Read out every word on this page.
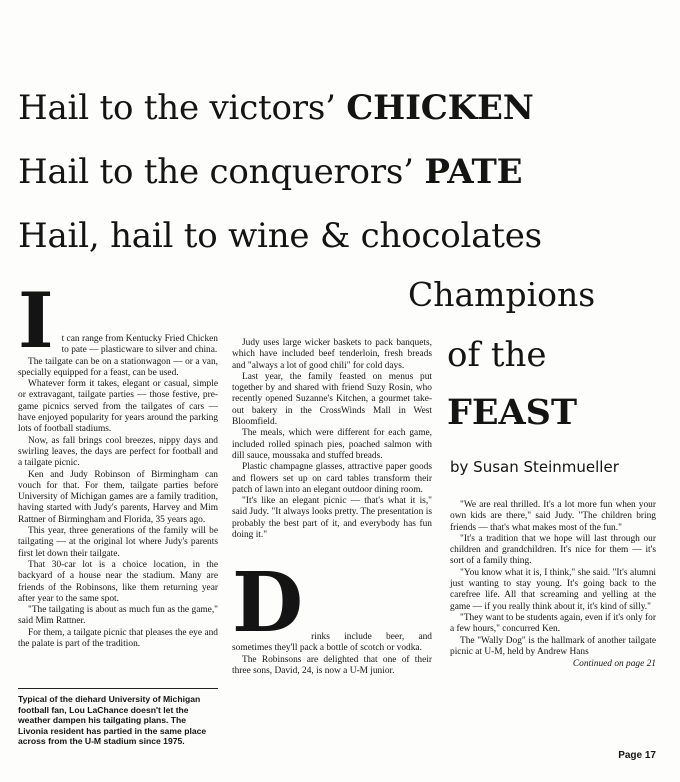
Hail to the victors’ CHICKEN
Hail to the conquerors’ PATE
Hail, hail to wine & chocolates
Champions
of the
FEAST
by Susan Steinmueller
I t can range from Kentucky Fried Chicken to pate — plasticware to silver and china.

The tailgate can be on a stationwagon — or a van, specially equipped for a feast, can be used.

Whatever form it takes, elegant or casual, simple or extravagant, tailgate parties — those festive, pre-game picnics served from the tailgates of cars — have enjoyed popularity for years around the parking lots of football stadiums.

Now, as fall brings cool breezes, nippy days and swirling leaves, the days are perfect for football and a tailgate picnic.

Ken and Judy Robinson of Birmingham can vouch for that. For them, tailgate parties before University of Michigan games are a family tradition, having started with Judy's parents, Harvey and Mim Rattner of Birmingham and Florida, 35 years ago.

This year, three generations of the family will be tailgating — at the original lot where Judy's parents first let down their tailgate.

That 30-car lot is a choice location, in the backyard of a house near the stadium. Many are friends of the Robinsons, like them returning year after year to the same spot.

"The tailgating is about as much fun as the game," said Mim Rattner.

For them, a tailgate picnic that pleases the eye and the palate is part of the tradition.

Judy uses large wicker baskets to pack banquets, which have included beef tenderloin, fresh breads and "always a lot of good chili" for cold days.

Last year, the family feasted on menus put together by and shared with friend Suzy Rosin, who recently opened Suzanne's Kitchen, a gourmet take-out bakery in the CrossWinds Mall in West Bloomfield.

The meals, which were different for each game, included rolled spinach pies, poached salmon with dill sauce, moussaka and stuffed breads.

Plastic champagne glasses, attractive paper goods and flowers set up on card tables transform their patch of lawn into an elegant outdoor dining room.

"It's like an elegant picnic — that's what it is," said Judy. "It always looks pretty. The presentation is probably the best part of it, and everybody has fun doing it."

D rinks include beer, and sometimes they'll pack a bottle of scotch or vodka.

The Robinsons are delighted that one of their three sons, David, 24, is now a U-M junior.

"We are real thrilled. It's a lot more fun when your own kids are there," said Judy. "The children bring friends — that's what makes most of the fun."

"It's a tradition that we hope will last through our children and grandchildren. It's nice for them — it's sort of a family thing.

"You know what it is, I think," she said. "It's alumni just wanting to stay young. It's going back to the carefree life. All that screaming and yelling at the game — if you really think about it, it's kind of silly."

"They want to be students again, even if it's only for a few hours," concurred Ken.

The "Wally Dog" is the hallmark of another tailgate picnic at U-M, held by Andrew Hans

Continued on page 21
Typical of the diehard University of Michigan football fan, Lou LaChance doesn't let the weather dampen his tailgating plans. The Livonia resident has partied in the same place across from the U-M stadium since 1975.
Page 17
